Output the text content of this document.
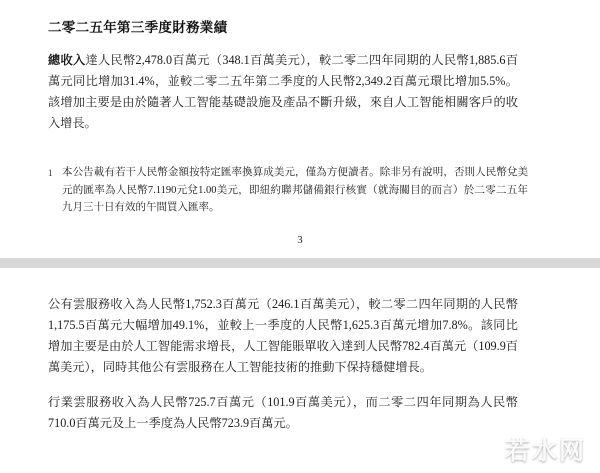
二零二五年第三季度財務業績
總收入達人民幣2,478.0百萬元（348.1百萬美元），較二零二四年同期的人民幣1,885.6百萬元同比增加31.4%，並較二零二五年第二季度的人民幣2,349.2百萬元環比增加5.5%。該增加主要是由於隨著人工智能基礎設施及產品不斷升級，來自人工智能相關客戶的收入增長。
1 本公告載有若干人民幣金額按特定匯率換算成美元，僅為方便讀者。除非另有說明，否則人民幣兌美元的匯率為人民幣7.1190元兌1.00美元，即紐約聯邦儲備銀行核實（就海關目的而言）於二零二五年九月三十日有效的午間買入匯率。
3
公有雲服務收入為人民幣1,752.3百萬元（246.1百萬美元），較二零二四年同期的人民幣1,175.5百萬元大幅增加49.1%，並較上一季度的人民幣1,625.3百萬元增加7.8%。該同比增加主要是由於人工智能需求增長，人工智能賬單收入達到人民幣782.4百萬元（109.9百萬美元），同時其他公有雲服務在人工智能技術的推動下保持穩健增長。
行業雲服務收入為人民幣725.7百萬元（101.9百萬美元），而二零二四年同期為人民幣710.0百萬元及上一季度為人民幣723.9百萬元。
若水网
